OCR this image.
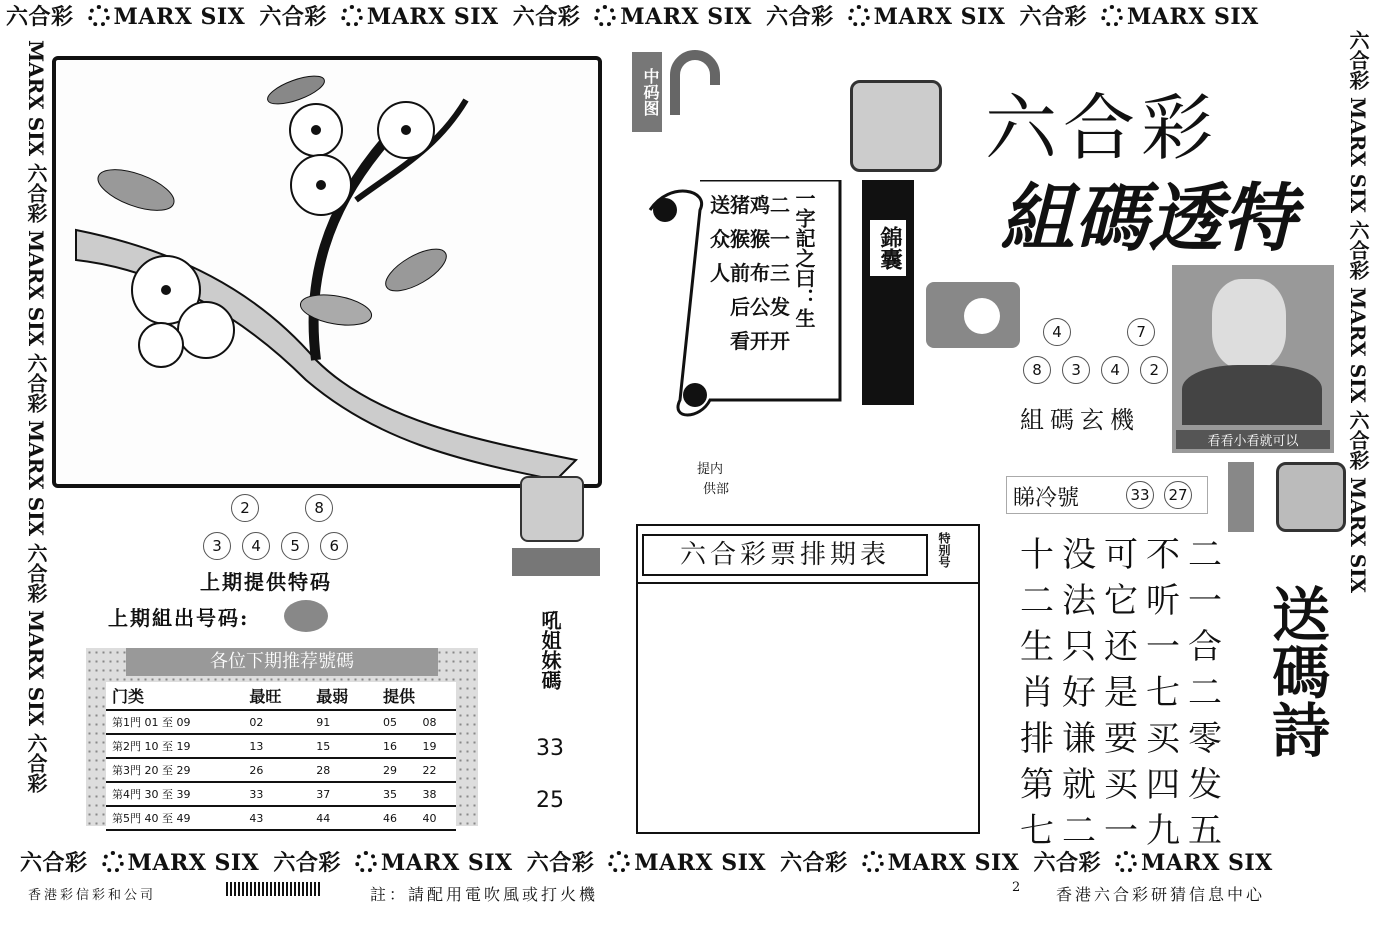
六合彩 MARX SIX 六合彩 MARX SIX 六合彩 MARX SIX 六合彩 MARX SIX 六合彩 MARX SIX
六合彩 MARX SIX 六合彩 MARX SIX 六合彩 MARX SIX 六合彩 MARX SIX 六合彩 MARX SIX
MARX SIX 六合彩 MARX SIX 六合彩 MARX SIX 六合彩 MARX SIX 六合彩	六合彩 MARX SIX 六合彩 MARX SIX 六合彩 MARX SIX
中码图	六合彩
組碼透特
一字記之曰：生
送猪鸡二
众猴猴一
人前布三
后公发
看开开
錦囊
4	7
8 3 4 2
組碼玄機
看看小看就可以
提内
供部	睇冷號	33 27
2	8
3 4 5 6
上期提供特码
上期組出号码:
各位下期推荐號碼
门类	最旺	最弱	提供	
第1門 01 至 09	02	91	05	08
第2門 10 至 19	13	15	16	19
第3門 20 至 29	26	28	29	22
第4門 30 至 39	33	37	35	38
第5門 40 至 49	43	44	46	40
吼姐妹碼
33
25
六合彩票排期表	特别号 十没可不二
二法它听一
生只还一合
肖好是七二
排谦要买零
第就买四发
七二一九五
送碼詩
香港彩信彩和公司	註：請配用電吹風或打火機	2 香港六合彩研猜信息中心
